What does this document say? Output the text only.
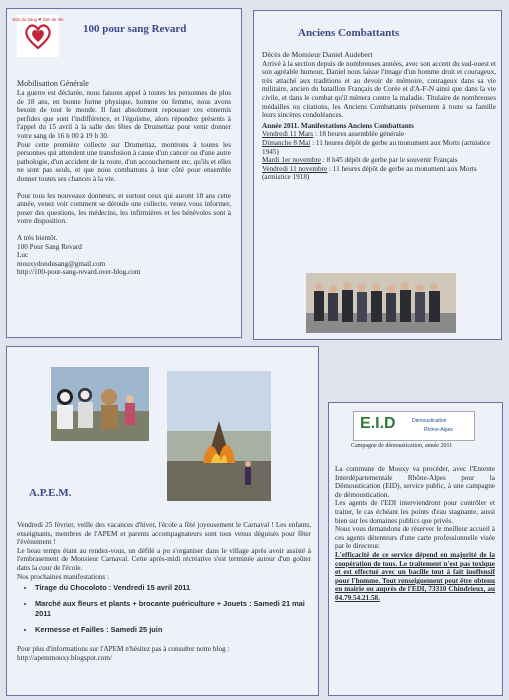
Don du Sang ❤ Don de Vie
100 pour sang Revard

Mobilisation Générale

La guerre est déclarée, nous faisons appel à toutes les personnes de plus de 18 ans, en bonne forme physique, homme ou femme, nous avons besoin de tout le monde. Il faut absolument repousser ces ennemis perfides que sont l'indifférence, et l'égoïsme, alors répondez présents à l'appel du 15 avril à la salle des fêtes de Drumettaz pour venir donner votre sang de 16 h 00 à 19 h 30.

Pour cette première collecte sur Drumettaz, montrons à toutes les personnes qui attendent une transfusion à cause d'un cancer ou d'une autre pathologie, d'un accident de la route, d'un accouchement etc, qu'ils et elles ne sont pas seuls, et que nous combattons à leur côté pour ensemble donner toutes ses chances à la vie.

Pour tous les nouveaux donneurs, et surtout ceux qui auront 18 ans cette année, venez voir comment se déroule une collecte, venez vous informer, poser des questions, les médecins, les infirmières et les bénévoles sont à votre disposition.

A très bientôt.

100 Pour Sang Revard

Luc

mouxydondusang@gmail.com

http://100-pour-sang-revard.over-blog.com

Anciens Combattants

Décès de Monsieur Daniel Audebert

Arrivé à la section depuis de nombreuses années, avec son accent du sud-ouest et son agréable humour, Daniel nous laisse l'image d'un homme droit et courageux, très attaché aux traditions et au devoir de mémoire, courageux dans sa vie militaire, ancien du bataillon Français de Corée et d'A-F-N ainsi que dans la vie civile, et dans le combat qu'il mènera contre la maladie. Titulaire de nombreuses médailles ou citations, les Anciens Combattants présentent à toute sa famille leurs sincères condoléances.

Année 2011. Manifestations Anciens Combattants

Vendredi 11 Mars : 18 heures assemblée générale

Dimanche 8 Mai : 11 heures dépôt de gerbe au monument aux Morts (armistice 1945)

Mardi 1er novembre : 8 h45 dépôt de gerbe par le souvenir Français

Vendredi 11 novembre : 11 heures dépôt de gerbe au monument aux Morts (armistice 1918)

A.P.E.M.

Vendredi 25 février, veille des vacances d'hiver, l'école a fêté joyeusement le Carnaval ! Les enfants, enseignants, membres de l'APEM et parents accompagnateurs sont tous venus déguisés pour fêter l'évènement !

Le beau temps étant au rendez-vous, un défilé a pu s'organiser dans le village après avoir assisté à l'embrasement de Monsieur Carnaval. Cette après-midi récréative s'est terminée autour d'un goûter dans la cour de l'école.

Nos prochaines manifestations :

• Tirage du Chocoloto : Vendredi 15 avril 2011
• Marché aux fleurs et plants + brocante puériculture + Jouets : Samedi 21 mai 2011
• Kermesse et Failles : Samedi 25 juin

Pour plus d'informations sur l'APEM n'hésitez pas à consulter notre blog : http://apemmouxy.blogspot.com/

E.I.D	Démoustication
Rhône-Alpes
Campagne de démoustication, année 2011

La commune de Mouxy va procéder, avec l'Entente Interdépartementale Rhône-Alpes pour la Démoustication (EID), service public, à une campagne de démoustication.

Les agents de l'EDI interviendront pour contrôler et traiter, le cas échéant les points d'eau stagnante, aussi bien sur les domaines publics que privés.

Nous vous demandons de réserver le meilleur accueil à ces agents détenteurs d'une carte professionnelle visée par le directeur.

L'efficacité de ce service dépend en majorité de la coopération de tous. Le traitement n'est pas toxique et est effectué avec un bacille tout à fait inoffensif pour l'homme. Tout renseignement peut être obtenu en mairie ou auprès de l'EDI, 73310 Chindrieux, au 04.79.54.21.58.
